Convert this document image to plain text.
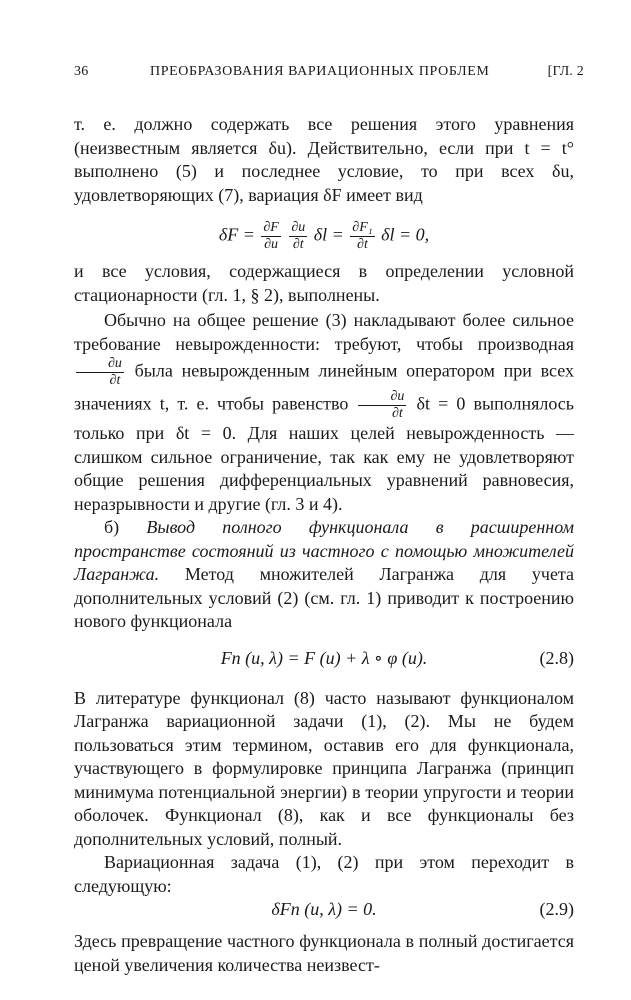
36	ПРЕОБРАЗОВАНИЯ ВАРИАЦИОННЫХ ПРОБЛЕМ	[ГЛ. 2

т. е. должно содержать все решения этого уравнения (неизвестным является δu). Действительно, если при t = t° выполнено (5) и последнее условие, то при всех δu, удовлетворяющих (7), вариация δF имеет вид

$\delta F = \frac{\partial F}{\partial u}$
$\frac{\partial u}{\partial t}$ $\delta l = \frac{\text{∂F₁}}{\partial t}$ δl = 0,

и все условия, содержащиеся в определении условной стационарности (гл. 1, § 2), выполнены.

Обычно на общее решение (3) накладывают более сильное требование невырожденности: требуют, чтобы производная
$\frac{\partial u}{\partial t}$ была невырожденным линейным оператором при всех значениях t, т. е. чтобы равенство $\frac{\partial u}{\partial t}$ δt = 0 выполнялось только при δt = 0. Для наших целей невырожденность — слишком сильное ограничение, так как ему не удовлетворяют общие решения дифференциальных уравнений равновесия, неразрывности и другие (гл. 3 и 4).

б) Вывод полного функционала в расширенном пространстве состояний из частного с помощью множителей Лагранжа. Метод множителей Лагранжа для учета дополнительных условий (2) (см. гл. 1) приводит к построению нового функционала

Fп (u, λ) = F (u) + λ ∘ φ (u).	(2.8)

В литературе функционал (8) часто называют функционалом Лагранжа вариационной задачи (1), (2). Мы не будем пользоваться этим термином, оставив его для функционала, участвующего в формулировке принципа Лагранжа (принцип минимума потенциальной энергии) в теории упругости и теории оболочек. Функционал (8), как и все функционалы без дополнительных условий, полный.

Вариационная задача (1), (2) при этом переходит в следующую:

δFп (u, λ) = 0.	(2.9)

Здесь превращение частного функционала в полный достигается ценой увеличения количества неизвест-
